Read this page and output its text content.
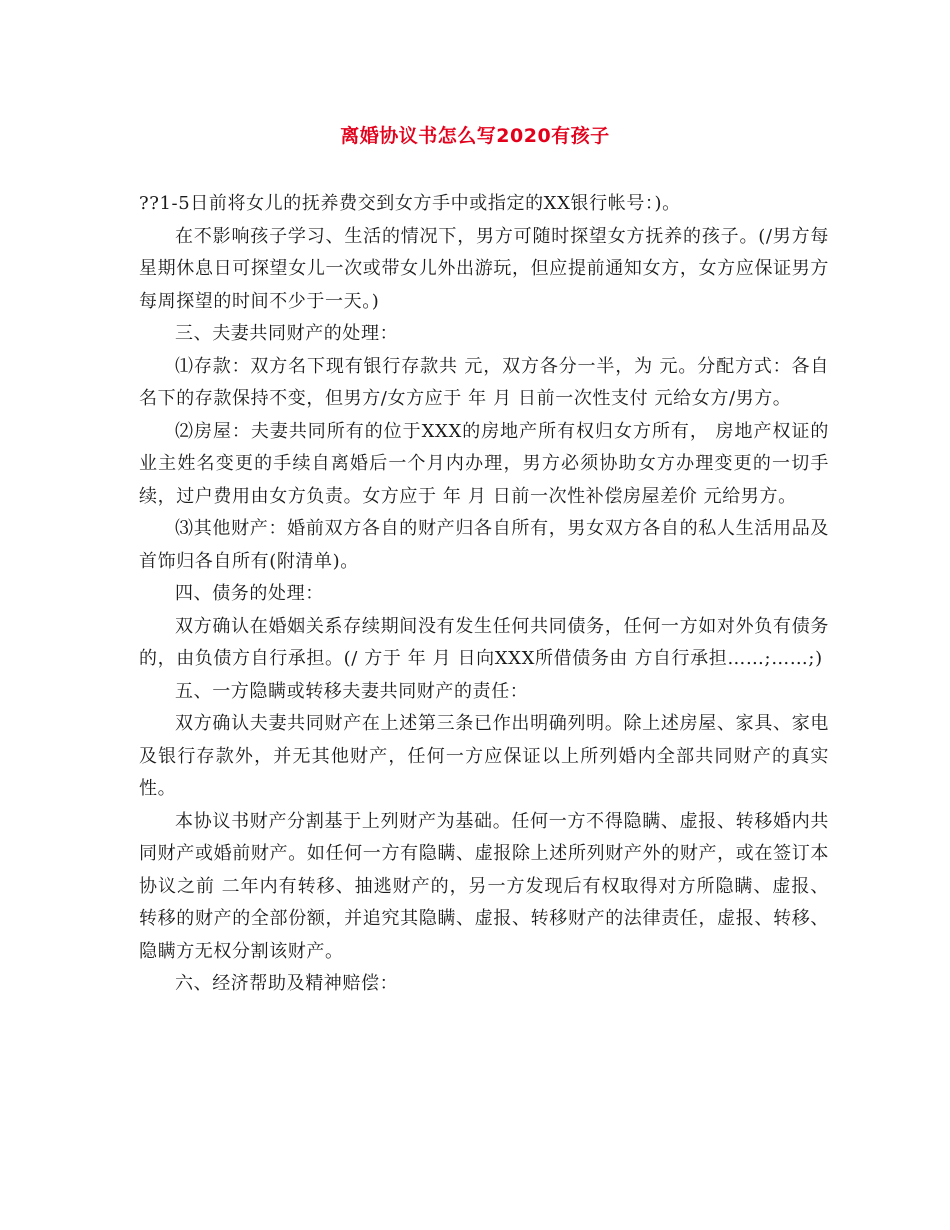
离婚协议书怎么写2020有孩子

??1-5日前将女儿的抚养费交到女方手中或指定的XX银行帐号：)。

在不影响孩子学习、生活的情况下，男方可随时探望女方抚养的孩子。(/男方每星期休息日可探望女儿一次或带女儿外出游玩，但应提前通知女方，女方应保证男方每周探望的时间不少于一天。)

三、夫妻共同财产的处理：

⑴存款：双方名下现有银行存款共 元，双方各分一半，为 元。分配方式：各自名下的存款保持不变，但男方/女方应于 年 月 日前一次性支付 元给女方/男方。

⑵房屋：夫妻共同所有的位于XXX的房地产所有权归女方所有， 房地产权证的业主姓名变更的手续自离婚后一个月内办理，男方必须协助女方办理变更的一切手续，过户费用由女方负责。女方应于 年 月 日前一次性补偿房屋差价 元给男方。

⑶其他财产：婚前双方各自的财产归各自所有，男女双方各自的私人生活用品及首饰归各自所有(附清单)。

四、债务的处理：

双方确认在婚姻关系存续期间没有发生任何共同债务，任何一方如对外负有债务的，由负债方自行承担。(/ 方于 年 月 日向XXX所借债务由 方自行承担……;……;)

五、一方隐瞒或转移夫妻共同财产的责任：

双方确认夫妻共同财产在上述第三条已作出明确列明。除上述房屋、家具、家电及银行存款外，并无其他财产，任何一方应保证以上所列婚内全部共同财产的真实性。

本协议书财产分割基于上列财产为基础。任何一方不得隐瞒、虚报、转移婚内共同财产或婚前财产。如任何一方有隐瞒、虚报除上述所列财产外的财产，或在签订本协议之前 二年内有转移、抽逃财产的，另一方发现后有权取得对方所隐瞒、虚报、转移的财产的全部份额，并追究其隐瞒、虚报、转移财产的法律责任，虚报、转移、隐瞒方无权分割该财产。

六、经济帮助及精神赔偿：
